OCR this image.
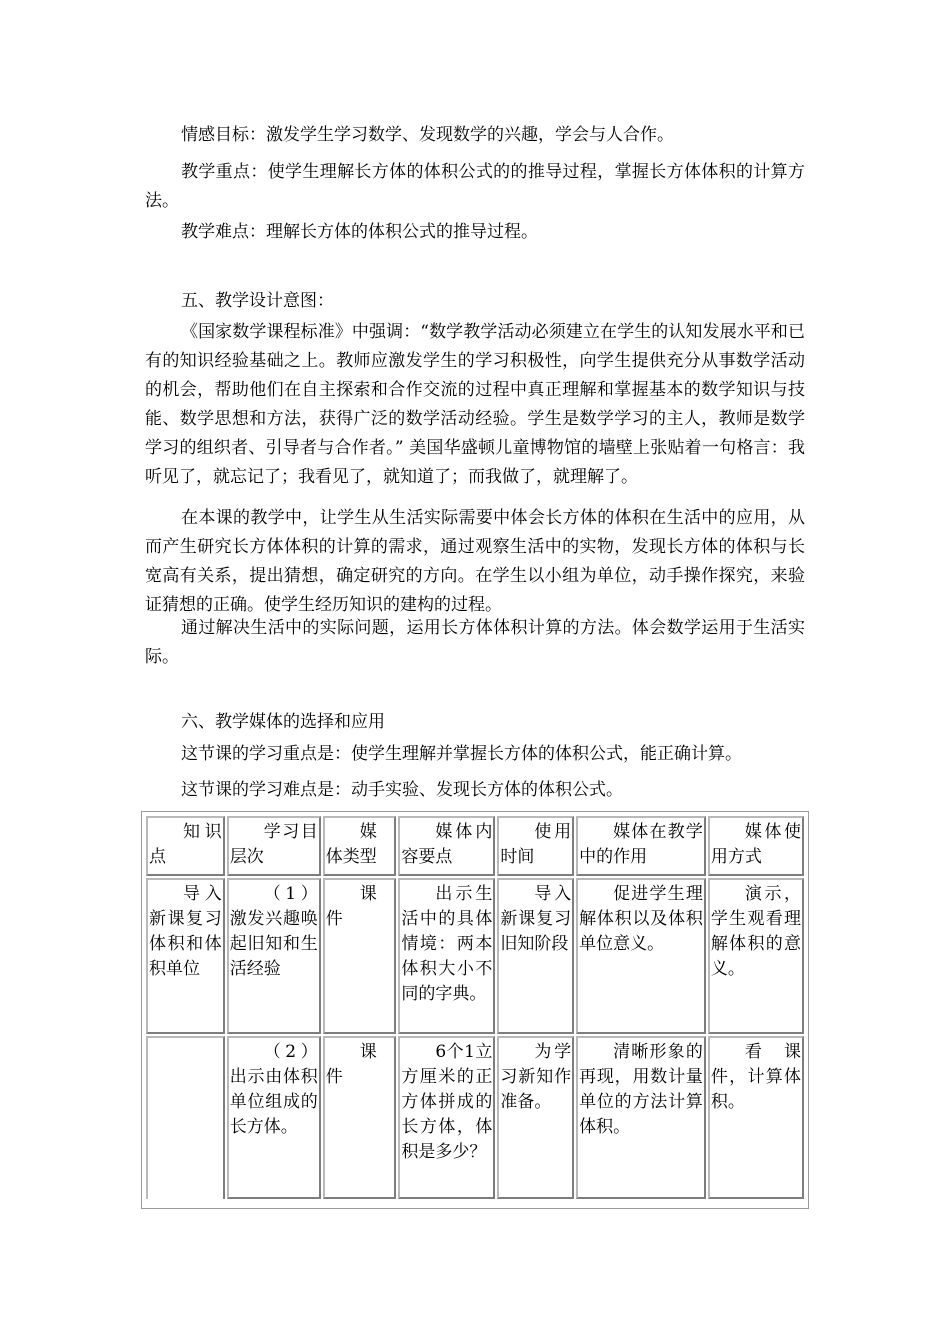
情感目标：激发学生学习数学、发现数学的兴趣，学会与人合作。

教学重点：使学生理解长方体的体积公式的的推导过程，掌握长方体体积的计算方法。

教学难点：理解长方体的体积公式的推导过程。

五、教学设计意图：

《国家数学课程标准》中强调：“数学教学活动必须建立在学生的认知发展水平和已有的知识经验基础之上。教师应激发学生的学习积极性，向学生提供充分从事数学活动的机会，帮助他们在自主探索和合作交流的过程中真正理解和掌握基本的数学知识与技能、数学思想和方法，获得广泛的数学活动经验。学生是数学学习的主人，教师是数学学习的组织者、引导者与合作者。” 美国华盛顿儿童博物馆的墙壁上张贴着一句格言：我听见了，就忘记了；我看见了，就知道了；而我做了，就理解了。

在本课的教学中，让学生从生活实际需要中体会长方体的体积在生活中的应用，从而产生研究长方体体积的计算的需求，通过观察生活中的实物，发现长方体的体积与长宽高有关系，提出猜想，确定研究的方向。在学生以小组为单位，动手操作探究，来验证猜想的正确。使学生经历知识的建构的过程。

通过解决生活中的实际问题，运用长方体体积计算的方法。体会数学运用于生活实际。

六、教学媒体的选择和应用

这节课的学习重点是：使学生理解并掌握长方体的体积公式，能正确计算。

这节课的学习难点是：动手实验、发现长方体的体积公式。

知识 点	学习目层次	媒体类型	媒体内容要点	使用时间	媒体在教学中的作用	媒体使用方式
导入新课复习体积和体积单位	（1）激发兴趣唤起旧知和生活经验	课件	出示生活中的具体情境：两本体积大小不同的字典。	导入新课复习旧知阶段	促进学生理解体积以及体积单位意义。	演示，学生观看理解体积的意义。
	（2）出示由体积单位组成的长方体。	课件	6个1立方厘米的正方体拼成的长方体，体积是多少？	为学习新知作准备。	清晰形象的再现，用数计量单位的方法计算体积。	看课件，计算体积。
